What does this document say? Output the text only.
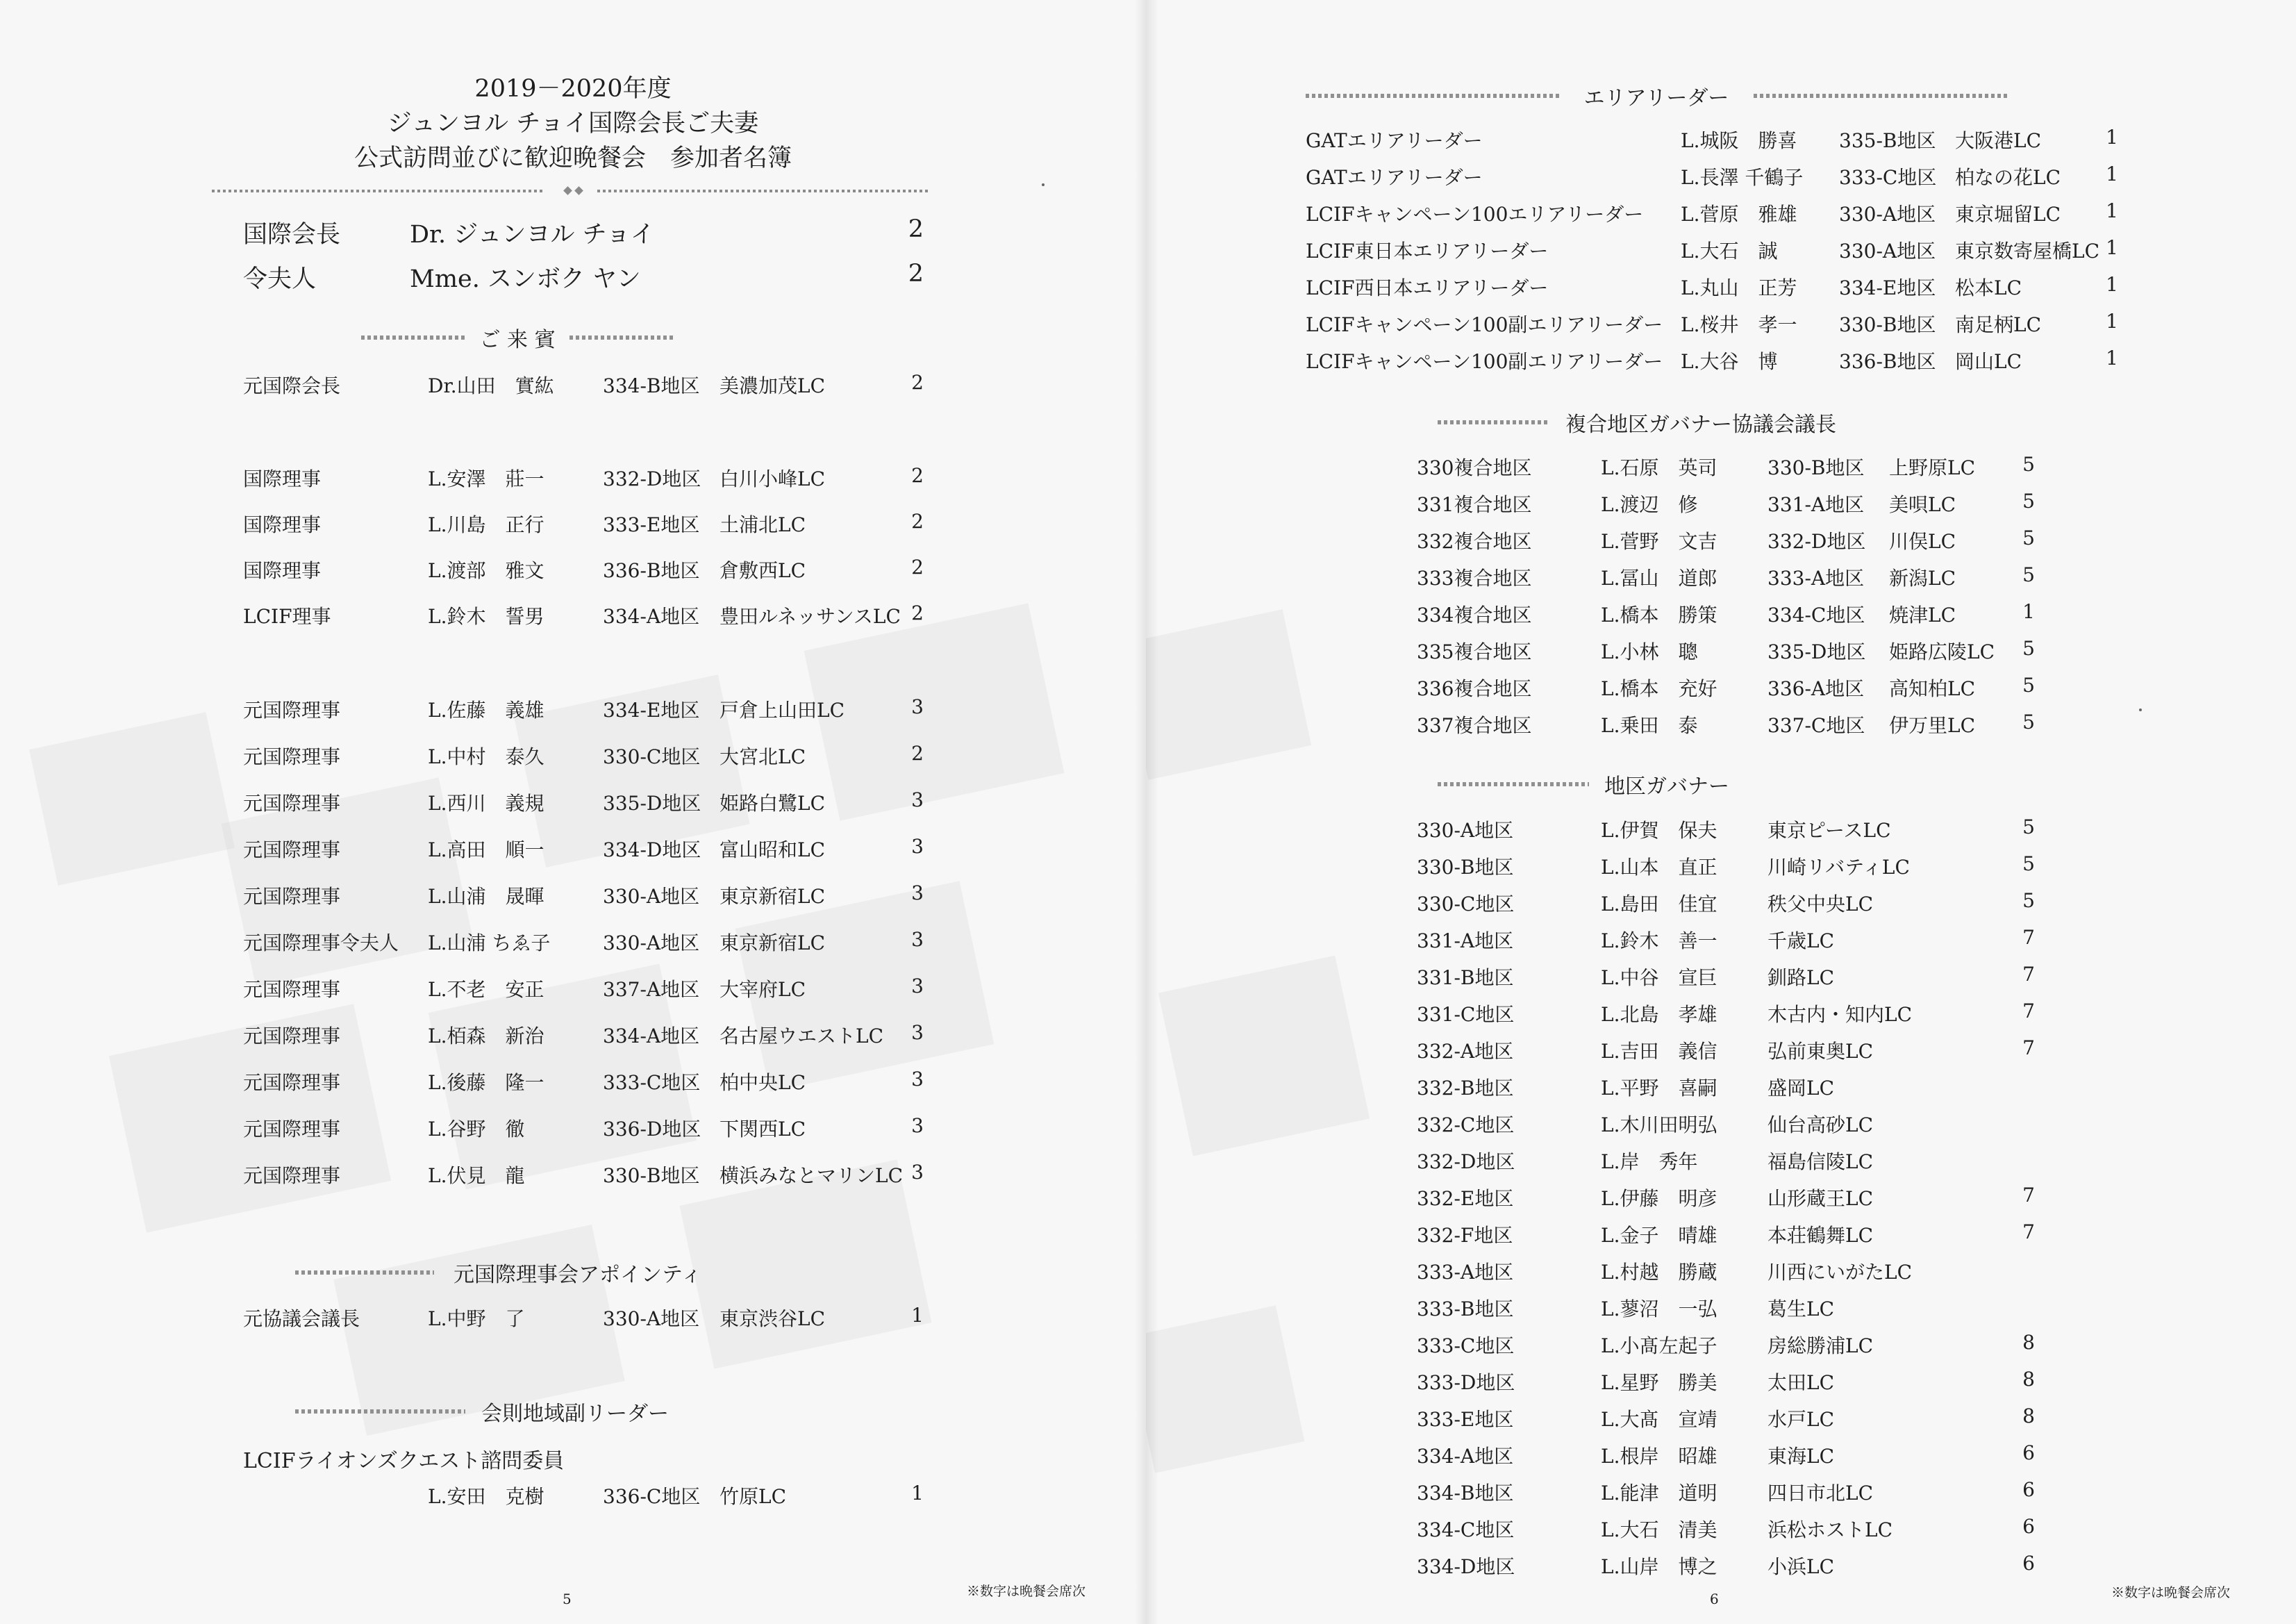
2019－2020年度
ジュンヨル チョイ国際会長ご夫妻
公式訪問並びに歓迎晩餐会　参加者名簿
国際会長	Dr. ジュンヨル チョイ	2
令夫人	Mme. スンボク ヤン	2
ご 来 賓
元国際会長	Dr.山田　實紘	334-B地区 美濃加茂LC	2
国際理事	L.安澤　莊一	332-D地区 白川小峰LC	2
国際理事	L.川島　正行	333-E地区 土浦北LC	2
国際理事	L.渡部　雅文	336-B地区 倉敷西LC	2
LCIF理事	L.鈴木　誓男	334-A地区 豊田ルネッサンスLC 2
元国際理事	L.佐藤　義雄	334-E地区 戸倉上山田LC	3
元国際理事	L.中村　泰久	330-C地区 大宮北LC	2
元国際理事	L.西川　義規	335-D地区 姫路白鷺LC	3
元国際理事	L.高田　順一	334-D地区 富山昭和LC	3
元国際理事	L.山浦　晟暉	330-A地区 東京新宿LC	3
元国際理事令夫人 L.山浦 ちゑ子	330-A地区 東京新宿LC	3
元国際理事	L.不老　安正	337-A地区 大宰府LC	3
元国際理事	L.栢森　新治	334-A地区 名古屋ウエストLC	3
元国際理事	L.後藤　隆一	333-C地区 柏中央LC	3
元国際理事	L.谷野　徹	336-D地区 下関西LC	3
元国際理事	L.伏見　龍	330-B地区 横浜みなとマリンLC 3
元国際理事会アポインティ
元協議会議長	L.中野　了	330-A地区 東京渋谷LC	1
会則地域副リーダー
LCIFライオンズクエスト諮問委員
L.安田　克樹	336-C地区 竹原LC	1
5	※数字は晩餐会席次
エリアリーダー
GATエリアリーダー	L.城阪　勝喜 335-B地区 大阪港LC	1
GATエリアリーダー	L.長澤 千鶴子 333-C地区 柏なの花LC	1
LCIFキャンペーン100エリアリーダー L.菅原　雅雄 330-A地区 東京堀留LC	1
LCIF東日本エリアリーダー	L.大石　誠	330-A地区 東京数寄屋橋LC 1
LCIF西日本エリアリーダー	L.丸山　正芳 334-E地区 松本LC	1
LCIFキャンペーン100副エリアリーダー L.桜井　孝一 330-B地区 南足柄LC	1
LCIFキャンペーン100副エリアリーダー L.大谷　博	336-B地区 岡山LC	1
複合地区ガバナー協議会議長
330複合地区	L.石原　英司	330-B地区 上野原LC	5
331複合地区	L.渡辺　修	331-A地区 美唄LC	5
332複合地区	L.菅野　文吉	332-D地区 川俣LC	5
333複合地区	L.冨山　道郎	333-A地区 新潟LC	5
334複合地区	L.橋本　勝策	334-C地区 焼津LC	1
335複合地区	L.小林　聰	335-D地区 姫路広陵LC	5
336複合地区	L.橋本　充好	336-A地区 高知柏LC	5
337複合地区	L.乗田　泰	337-C地区 伊万里LC	5
地区ガバナー
330-A地区	L.伊賀　保夫	東京ピースLC	5
330-B地区	L.山本　直正	川崎リバティLC	5
330-C地区	L.島田　佳宜	秩父中央LC	5
331-A地区	L.鈴木　善一	千歳LC	7
331-B地区	L.中谷　宣巨	釧路LC	7
331-C地区	L.北島　孝雄	木古内・知内LC	7
332-A地区	L.吉田　義信	弘前東奥LC	7
332-B地区	L.平野　喜嗣	盛岡LC
332-C地区	L.木川田明弘	仙台高砂LC
332-D地区	L.岸　秀年	福島信陵LC
332-E地区	L.伊藤　明彦	山形蔵王LC	7
332-F地区	L.金子　晴雄	本荘鶴舞LC	7
333-A地区	L.村越　勝蔵	川西にいがたLC
333-B地区	L.蓼沼　一弘	葛生LC
333-C地区	L.小髙左起子	房総勝浦LC	8
333-D地区	L.星野　勝美	太田LC	8
333-E地区	L.大髙　宣靖	水戸LC	8
334-A地区	L.根岸　昭雄	東海LC	6
334-B地区	L.能津　道明	四日市北LC	6
334-C地区	L.大石　清美	浜松ホストLC	6
334-D地区	L.山岸　博之	小浜LC	6
6	※数字は晩餐会席次
